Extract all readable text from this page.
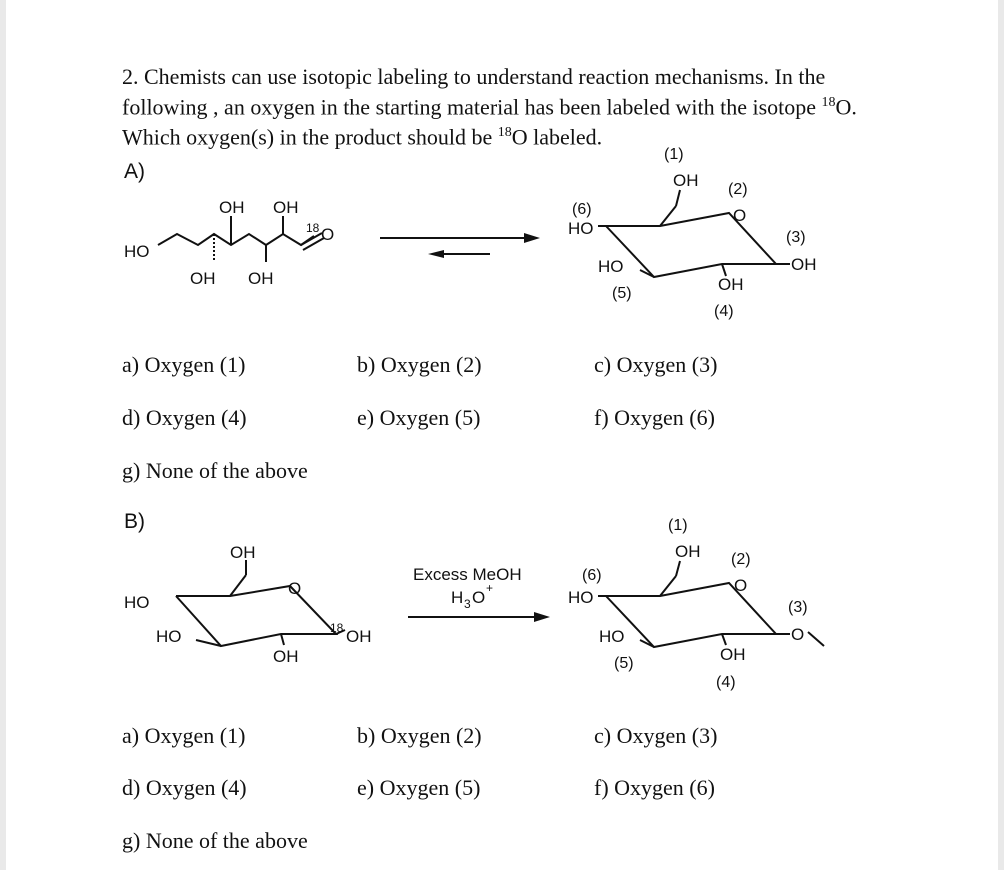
2. Chemists can use isotopic labeling to understand reaction mechanisms. In the

following , an oxygen in the starting material has been labeled with the isotope $^{18}$O.

Which oxygen(s) in the product should be $^{18}$O labeled.

A)
B)
HO
OH OH
OH OH
18 O
(1)
OH (2)
O
(3)
OH
OH
(4)
HO
(5)
(6)
HO
OH
O
HO
HO
OH
18 OH
Excess MeOH
H 3 O +
(1)
OH (2)
O
(3)
O
OH
(4)
HO
(5)
(6)
HO
a) Oxygen (1)	b) Oxygen (2)	c) Oxygen (3)
d) Oxygen (4)	e) Oxygen (5)	f) Oxygen (6)
g) None of the above
a) Oxygen (1)	b) Oxygen (2)	c) Oxygen (3)
d) Oxygen (4)	e) Oxygen (5)	f) Oxygen (6)
g) None of the above
